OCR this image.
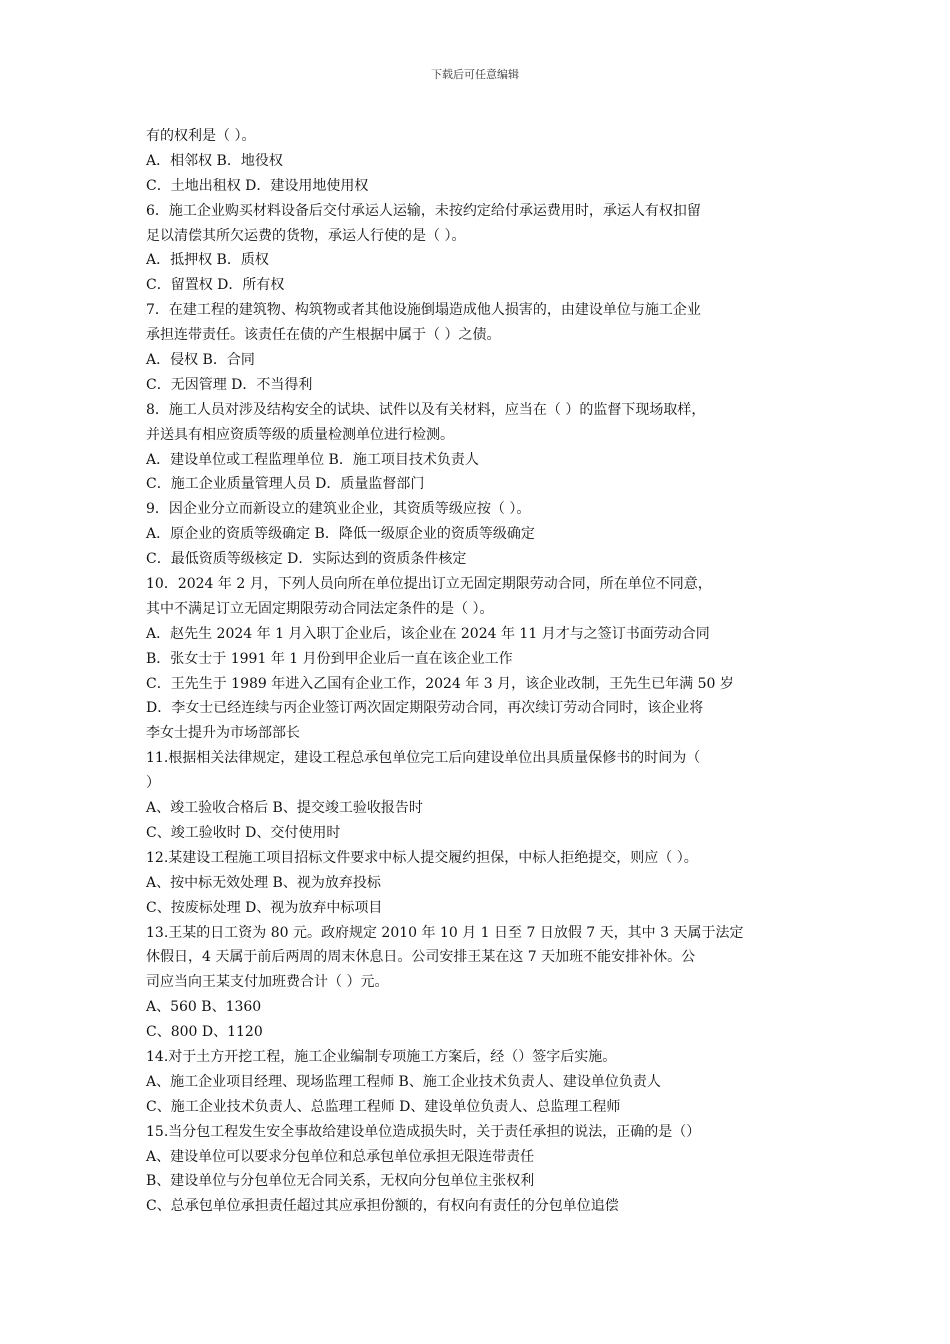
下载后可任意编辑
有的权利是（ ）。
A．相邻权 B．地役权
C．土地出租权 D．建设用地使用权
6．施工企业购买材料设备后交付承运人运输，未按约定给付承运费用时，承运人有权扣留
足以清偿其所欠运费的货物，承运人行使的是（ ）。
A．抵押权 B．质权
C．留置权 D．所有权
7．在建工程的建筑物、构筑物或者其他设施倒塌造成他人损害的，由建设单位与施工企业
承担连带责任。该责任在债的产生根据中属于（ ）之债。
A．侵权 B．合同
C．无因管理 D．不当得利
8．施工人员对涉及结构安全的试块、试件以及有关材料，应当在（ ）的监督下现场取样，
并送具有相应资质等级的质量检测单位进行检测。
A．建设单位或工程监理单位 B．施工项目技术负责人
C．施工企业质量管理人员 D．质量监督部门
9．因企业分立而新设立的建筑业企业，其资质等级应按（ ）。
A．原企业的资质等级确定 B．降低一级原企业的资质等级确定
C．最低资质等级核定 D．实际达到的资质条件核定
10．2024 年 2 月，下列人员向所在单位提出订立无固定期限劳动合同，所在单位不同意，
其中不满足订立无固定期限劳动合同法定条件的是（ ）。
A．赵先生 2024 年 1 月入职丁企业后，该企业在 2024 年 11 月才与之签订书面劳动合同
B．张女士于 1991 年 1 月份到甲企业后一直在该企业工作
C．王先生于 1989 年进入乙国有企业工作，2024 年 3 月，该企业改制，王先生已年满 50 岁
D．李女士已经连续与丙企业签订两次固定期限劳动合同，再次续订劳动合同时，该企业将
李女士提升为市场部部长
11.根据相关法律规定，建设工程总承包单位完工后向建设单位出具质量保修书的时间为（
）
A、竣工验收合格后 B、提交竣工验收报告时
C、竣工验收时 D、交付使用时
12.某建设工程施工项目招标文件要求中标人提交履约担保，中标人拒绝提交，则应（ ）。
A、按中标无效处理 B、视为放弃投标
C、按废标处理 D、视为放弃中标项目
13.王某的日工资为 80 元。政府规定 2010 年 10 月 1 日至 7 日放假 7 天，其中 3 天属于法定
休假日，4 天属于前后两周的周末休息日。公司安排王某在这 7 天加班不能安排补休。公
司应当向王某支付加班费合计（ ）元。
A、560 B、1360
C、800 D、1120
14.对于土方开挖工程，施工企业编制专项施工方案后，经（）签字后实施。
A、施工企业项目经理、现场监理工程师 B、施工企业技术负责人、建设单位负责人
C、施工企业技术负责人、总监理工程师 D、建设单位负责人、总监理工程师
15.当分包工程发生安全事故给建设单位造成损失时，关于责任承担的说法，正确的是（）
A、建设单位可以要求分包单位和总承包单位承担无限连带责任
B、建设单位与分包单位无合同关系，无权向分包单位主张权利
C、总承包单位承担责任超过其应承担份额的，有权向有责任的分包单位追偿
